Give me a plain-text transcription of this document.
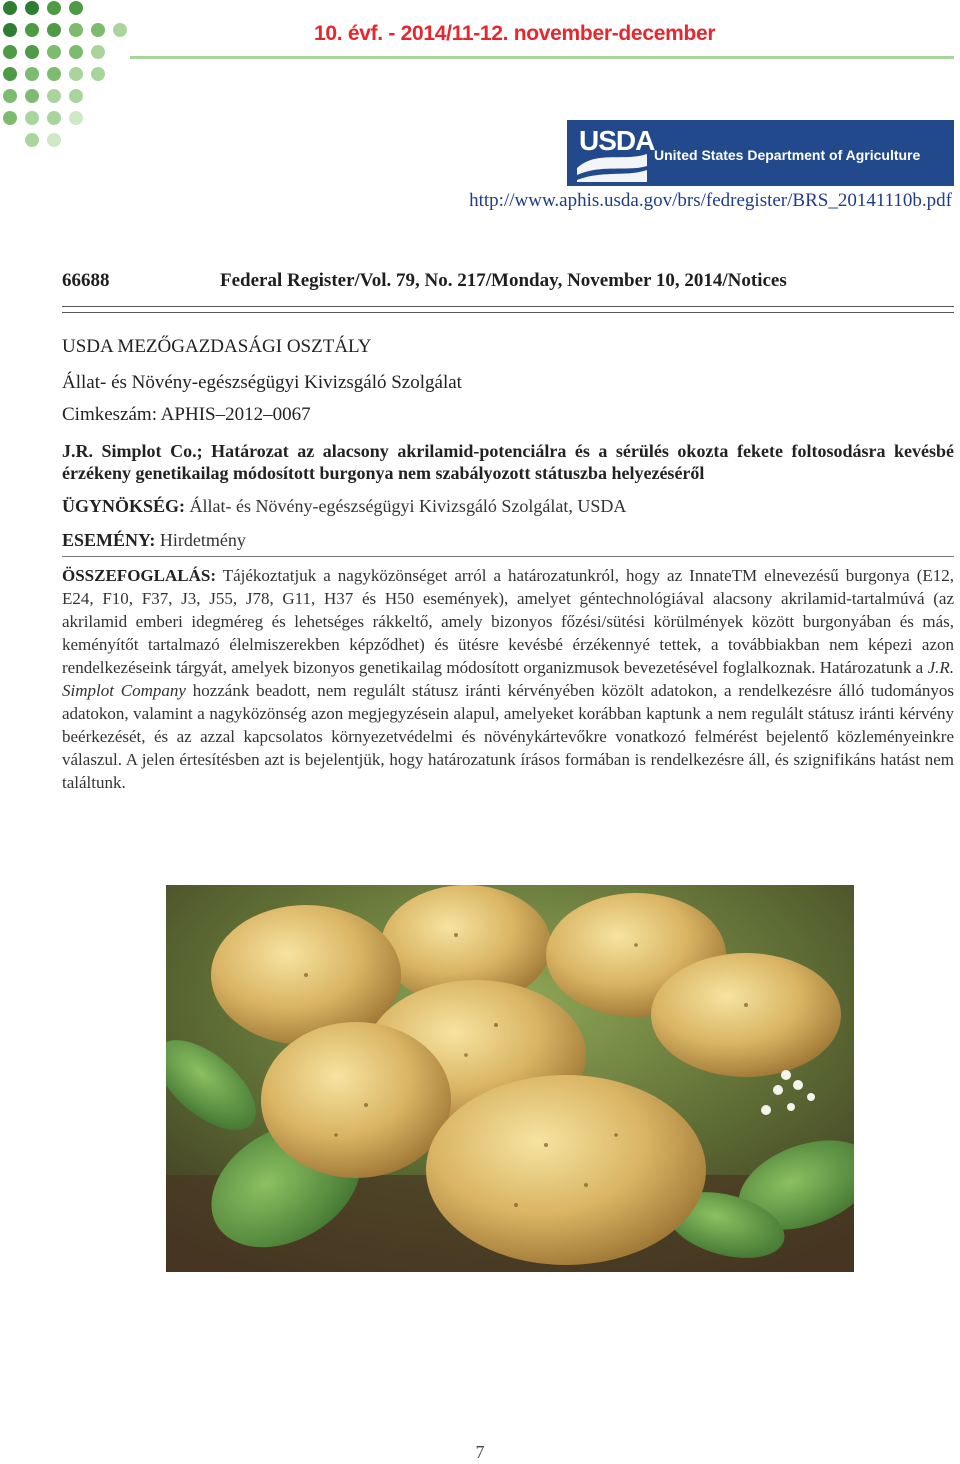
10. évf. - 2014/11-12. november-december
USDA United States Department of Agriculture
http://www.aphis.usda.gov/brs/fedregister/BRS_20141110b.pdf
66688	Federal Register/Vol. 79, No. 217/Monday, November 10, 2014/Notices
USDA MEZŐGAZDASÁGI OSZTÁLY
Állat- és Növény-egészségügyi Kivizsgáló Szolgálat
Cimkeszám: APHIS–2012–0067
J.R. Simplot Co.; Határozat az alacsony akrilamid-potenciálra és a sérülés okozta fekete foltosodásra kevésbé érzékeny genetikailag módosított burgonya nem szabályozott státuszba helyezéséről
ÜGYNÖKSÉG: Állat- és Növény-egészségügyi Kivizsgáló Szolgálat, USDA
ESEMÉNY: Hirdetmény
ÖSSZEFOGLALÁS: Tájékoztatjuk a nagyközönséget arról a határozatunkról, hogy az InnateTM elnevezésű burgonya (E12, E24, F10, F37, J3, J55, J78, G11, H37 és H50 események), amelyet géntechnológiával alacsony akrilamid-tartalmúvá (az akrilamid emberi idegméreg és lehetséges rákkeltő, amely bizonyos főzési/sütési körülmények között burgonyában és más, keményítőt tartalmazó élelmiszerekben képződhet) és ütésre kevésbé érzékennyé tettek, a továbbiakban nem képezi azon rendelkezéseink tárgyát, amelyek bizonyos genetikailag módosított organizmusok bevezetésével foglalkoznak. Határozatunk a J.R. Simplot Company hozzánk beadott, nem regulált státusz iránti kérvényében közölt adatokon, a rendelkezésre álló tudományos adatokon, valamint a nagyközönség azon megjegyzésein alapul, amelyeket korábban kaptunk a nem regulált státusz iránti kérvény beérkezését, és az azzal kapcsolatos környezetvédelmi és növénykártevőkre vonatkozó felmérést bejelentő közleményeinkre válaszul. A jelen értesítésben azt is bejelentjük, hogy határozatunk írásos formában is rendelkezésre áll, és szignifikáns hatást nem találtunk.
7
